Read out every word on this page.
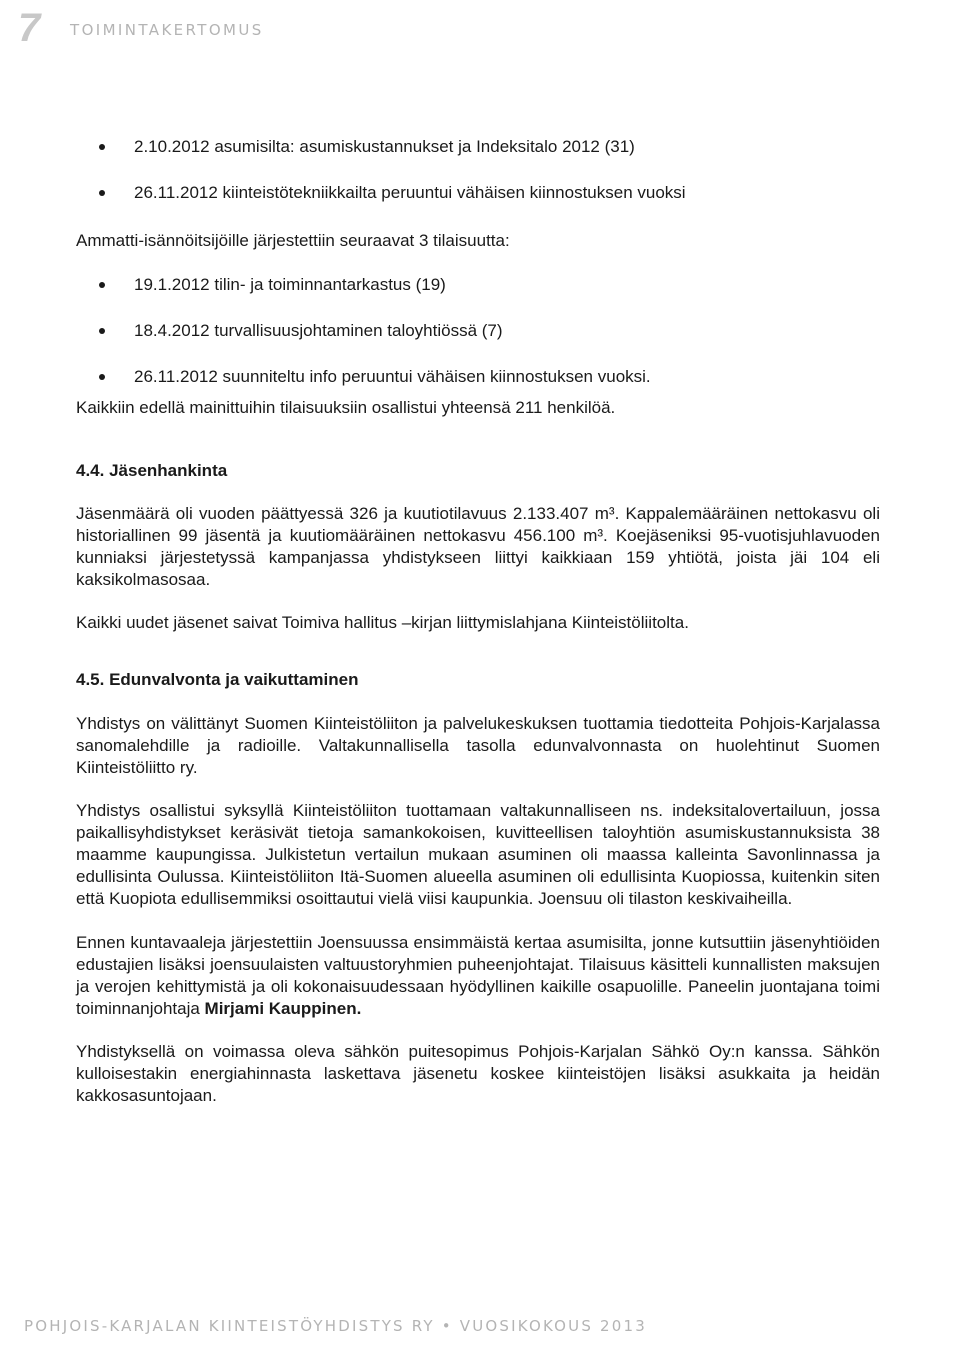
7 TOIMINTAKERTOMUS
2.10.2012 asumisilta: asumiskustannukset ja Indeksitalo 2012 (31)
26.11.2012 kiinteistötekniikkailta peruuntui vähäisen kiinnostuksen vuoksi

Ammatti-isännöitsijöille järjestettiin seuraavat 3 tilaisuutta:

19.1.2012 tilin- ja toiminnantarkastus (19)
18.4.2012 turvallisuusjohtaminen taloyhtiössä (7)
26.11.2012 suunniteltu info peruuntui vähäisen kiinnostuksen vuoksi.

Kaikkiin edellä mainittuihin tilaisuuksiin osallistui yhteensä 211 henkilöä.

4.4. Jäsenhankinta

Jäsenmäärä oli vuoden päättyessä 326 ja kuutiotilavuus 2.133.407 m³. Kappalemääräinen nettokasvu oli historiallinen 99 jäsentä ja kuutiomääräinen nettokasvu 456.100 m³. Koejäseniksi 95-vuotisjuhlavuoden kunniaksi järjestetyssä kampanjassa yhdistykseen liittyi kaikkiaan 159 yhtiötä, joista jäi 104 eli kaksikolmasosaa.

Kaikki uudet jäsenet saivat Toimiva hallitus –kirjan liittymislahjana Kiinteistöliitolta.

4.5. Edunvalvonta ja vaikuttaminen

Yhdistys on välittänyt Suomen Kiinteistöliiton ja palvelukeskuksen tuottamia tiedotteita Pohjois-Karjalassa sanomalehdille ja radioille. Valtakunnallisella tasolla edunvalvonnasta on huolehtinut Suomen Kiinteistöliitto ry.

Yhdistys osallistui syksyllä Kiinteistöliiton tuottamaan valtakunnalliseen ns. indeksitalovertailuun, jossa paikallisyhdistykset keräsivät tietoja samankokoisen, kuvitteellisen taloyhtiön asumiskustannuksista 38 maamme kaupungissa. Julkistetun vertailun mukaan asuminen oli maassa kalleinta Savonlinnassa ja edullisinta Oulussa. Kiinteistöliiton Itä-Suomen alueella asuminen oli edullisinta Kuopiossa, kuitenkin siten että Kuopiota edullisemmiksi osoittautui vielä viisi kaupunkia. Joensuu oli tilaston keskivaiheilla.

Ennen kuntavaaleja järjestettiin Joensuussa ensimmäistä kertaa asumisilta, jonne kutsuttiin jäsenyhtiöiden edustajien lisäksi joensuulaisten valtuustoryhmien puheenjohtajat. Tilaisuus käsitteli kunnallisten maksujen ja verojen kehittymistä ja oli kokonaisuudessaan hyödyllinen kaikille osapuolille. Paneelin juontajana toimi toiminnanjohtaja Mirjami Kauppinen.

Yhdistyksellä on voimassa oleva sähkön puitesopimus Pohjois-Karjalan Sähkö Oy:n kanssa. Sähkön kulloisestakin energiahinnasta laskettava jäsenetu koskee kiinteistöjen lisäksi asukkaita ja heidän kakkosasuntojaan.

POHJOIS-KARJALAN KIINTEISTÖYHDISTYS RY • VUOSIKOKOUS 2013
